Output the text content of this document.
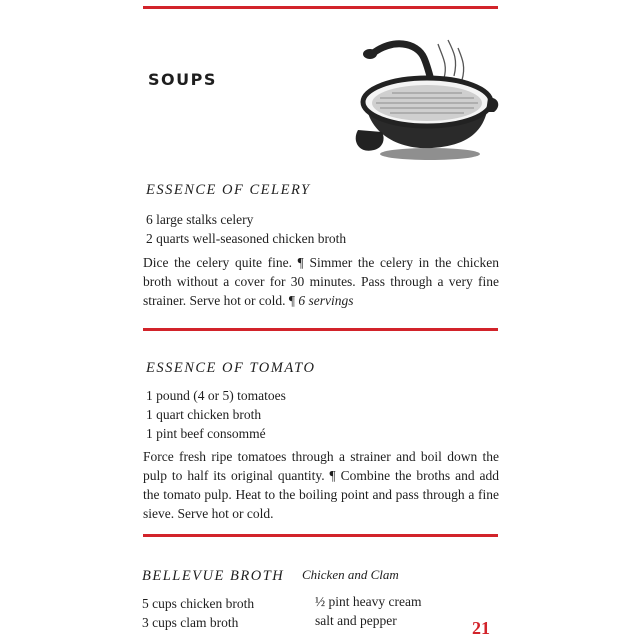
SOUPS
ESSENCE OF CELERY
6 large stalks celery
2 quarts well-seasoned chicken broth
Dice the celery quite fine. ¶ Simmer the celery in the chicken broth without a cover for 30 minutes. Pass through a very fine strainer. Serve hot or cold. ¶ 6 servings
ESSENCE OF TOMATO
1 pound (4 or 5) tomatoes
1 quart chicken broth
1 pint beef consommé
Force fresh ripe tomatoes through a strainer and boil down the pulp to half its original quantity. ¶ Combine the broths and add the tomato pulp. Heat to the boiling point and pass through a fine sieve. Serve hot or cold.
BELLEVUE BROTH Chicken and Clam
5 cups chicken broth
3 cups clam broth
½ pint heavy cream
salt and pepper	21
